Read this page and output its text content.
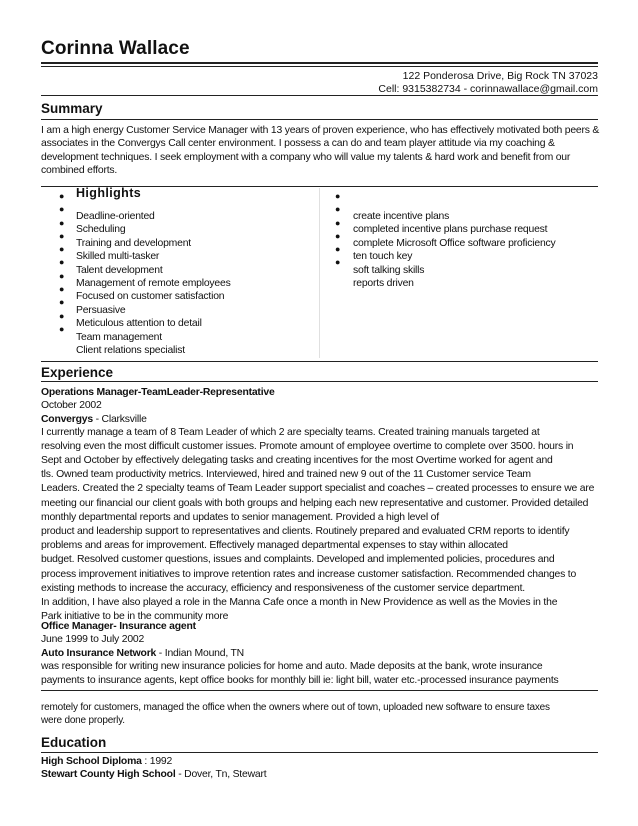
Corinna Wallace
122 Ponderosa Drive, Big Rock TN 37023
Cell: 9315382734 - corinnawallace@gmail.com
Summary
I am a high energy Customer Service Manager with 13 years of proven experience, who has effectively motivated both peers &
associates in the Convergys Call center environment. I possess a can do and team player attitude via my coaching &
development techniques. I seek employment with a company who will value my talents & hard work and benefit from our
combined efforts.
Highlights
●
●
●
●
●
●
●
●
●
●
●
Deadline-oriented
Scheduling
Training and development
Skilled multi-tasker
Talent development
Management of remote employees
Focused on customer satisfaction
Persuasive
Meticulous attention to detail
Team management
Client relations specialist
●
●
●
●
●
●
create incentive plans
completed incentive plans purchase request
complete Microsoft Office software proficiency
ten touch key
soft talking skills
reports driven
Experience
Operations Manager-TeamLeader-Representative
October 2002
Convergys - Clarksville
I currently manage a team of 8 Team Leader of which 2 are specialty teams. Created training manuals targeted at
resolving even the most difficult customer issues. Promote amount of employee overtime to complete over 3500. hours in
Sept and October by effectively delegating tasks and creating incentives for the most Overtime worked for agent and
tls. Owned team productivity metrics. Interviewed, hired and trained new 9 out of the 11 Customer service Team
Leaders. Created the 2 specialty teams of Team Leader support specialist and coaches – created processes to ensure we are
meeting our financial our client goals with both groups and helping each new representative and customer. Provided detailed
monthly departmental reports and updates to senior management. Provided a high level of
product and leadership support to representatives and clients. Routinely prepared and evaluated CRM reports to identify
problems and areas for improvement. Effectively managed departmental expenses to stay within allocated
budget. Resolved customer questions, issues and complaints. Developed and implemented policies, procedures and
process improvement initiatives to improve retention rates and increase customer satisfaction. Recommended changes to
existing methods to increase the accuracy, efficiency and responsiveness of the customer service department.
In addition, I have also played a role in the Manna Cafe once a month in New Providence as well as the Movies in the
Park initiative to be in the community more
Office Manager- Insurance agent
June 1999 to July 2002
Auto Insurance Network - Indian Mound, TN
was responsible for writing new insurance policies for home and auto. Made deposits at the bank, wrote insurance
payments to insurance agents, kept office books for monthly bill ie: light bill, water etc.-processed insurance payments
remotely for customers, managed the office when the owners where out of town, uploaded new software to ensure taxes
were done properly.
Education
High School Diploma : 1992
Stewart County High School - Dover, Tn, Stewart
